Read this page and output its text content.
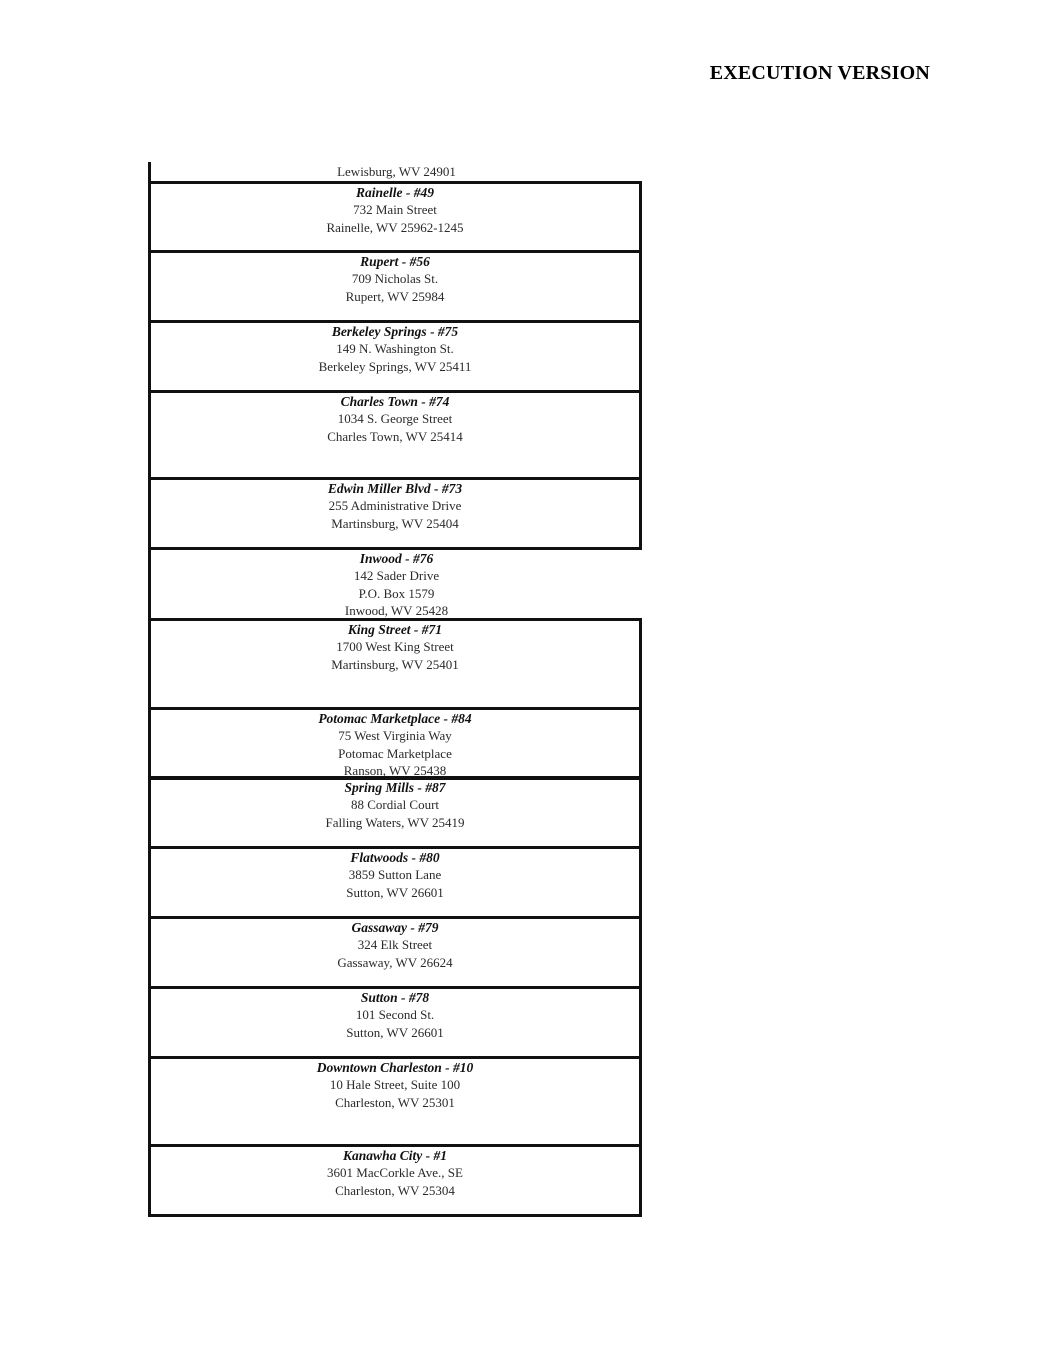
EXECUTION VERSION
Lewisburg, WV 24901
Rainelle - #49
732 Main Street
Rainelle, WV 25962-1245
Rupert - #56
709 Nicholas St.
Rupert, WV 25984
Berkeley Springs - #75
149 N. Washington St.
Berkeley Springs, WV 25411
Charles Town - #74
1034 S. George Street
Charles Town, WV 25414
Edwin Miller Blvd - #73
255 Administrative Drive
Martinsburg, WV 25404
Inwood - #76
142 Sader Drive
P.O. Box 1579
Inwood, WV 25428
King Street - #71
1700 West King Street
Martinsburg, WV 25401
Potomac Marketplace - #84
75 West Virginia Way
Potomac Marketplace
Ranson, WV 25438
Spring Mills - #87
88 Cordial Court
Falling Waters, WV 25419
Flatwoods - #80
3859 Sutton Lane
Sutton, WV 26601
Gassaway - #79
324 Elk Street
Gassaway, WV 26624
Sutton - #78
101 Second St.
Sutton, WV 26601
Downtown Charleston - #10
10 Hale Street, Suite 100
Charleston, WV 25301
Kanawha City - #1
3601 MacCorkle Ave., SE
Charleston, WV 25304
